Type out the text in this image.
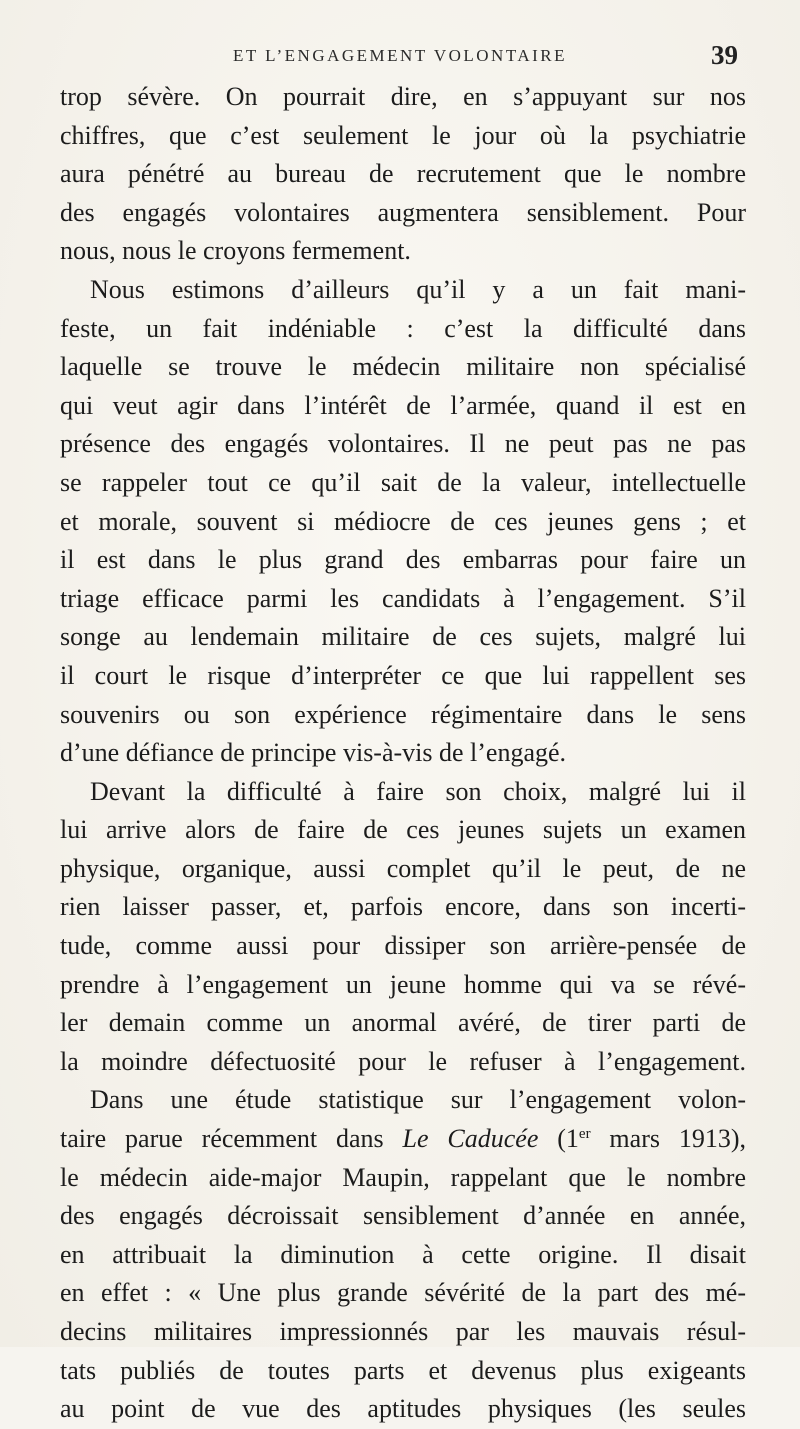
ET L’ENGAGEMENT VOLONTAIRE	39
trop sévère. On pourrait dire, en s’appuyant sur nos
chiffres, que c’est seulement le jour où la psychiatrie
aura pénétré au bureau de recrutement que le nombre
des engagés volontaires augmentera sensiblement. Pour
nous, nous le croyons fermement.
Nous estimons d’ailleurs qu’il y a un fait mani-
feste, un fait indéniable : c’est la difficulté dans
laquelle se trouve le médecin militaire non spécialisé
qui veut agir dans l’intérêt de l’armée, quand il est en
présence des engagés volontaires. Il ne peut pas ne pas
se rappeler tout ce qu’il sait de la valeur, intellectuelle
et morale, souvent si médiocre de ces jeunes gens ; et
il est dans le plus grand des embarras pour faire un
triage efficace parmi les candidats à l’engagement. S’il
songe au lendemain militaire de ces sujets, malgré lui
il court le risque d’interpréter ce que lui rappellent ses
souvenirs ou son expérience régimentaire dans le sens
d’une défiance de principe vis-à-vis de l’engagé.
Devant la difficulté à faire son choix, malgré lui il
lui arrive alors de faire de ces jeunes sujets un examen
physique, organique, aussi complet qu’il le peut, de ne
rien laisser passer, et, parfois encore, dans son incerti-
tude, comme aussi pour dissiper son arrière-pensée de
prendre à l’engagement un jeune homme qui va se révé-
ler demain comme un anormal avéré, de tirer parti de
la moindre défectuosité pour le refuser à l’engagement.
Dans une étude statistique sur l’engagement volon-
taire parue récemment dans Le Caducée (1er mars 1913),
le médecin aide-major Maupin, rappelant que le nombre
des engagés décroissait sensiblement d’année en année,
en attribuait la diminution à cette origine. Il disait
en effet : « Une plus grande sévérité de la part des mé-
decins militaires impressionnés par les mauvais résul-
tats publiés de toutes parts et devenus plus exigeants
au point de vue des aptitudes physiques (les seules
